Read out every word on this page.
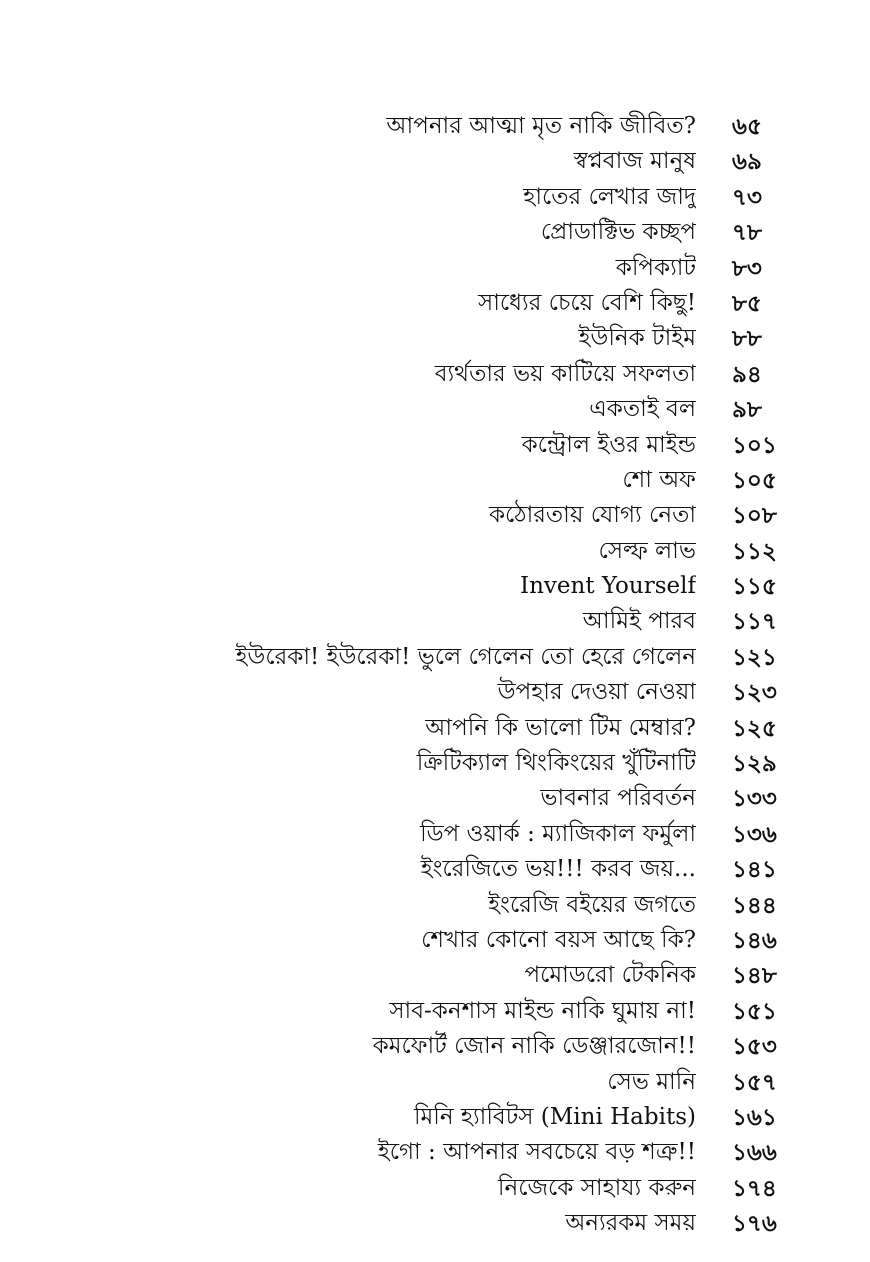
আপনার আত্মা মৃত নাকি জীবিত? ৬৫
স্বপ্নবাজ মানুষ ৬৯
হাতের লেখার জাদু ৭৩
প্রোডাক্টিভ কচ্ছপ ৭৮
কপিক্যাট ৮৩
সাধ্যের চেয়ে বেশি কিছু! ৮৫
ইউনিক টাইম ৮৮
ব্যর্থতার ভয় কাটিয়ে সফলতা ৯৪
একতাই বল ৯৮
কন্ট্রোল ইওর মাইন্ড ১০১
শো অফ ১০৫
কঠোরতায় যোগ্য নেতা ১০৮
সেল্ফ লাভ ১১২
Invent Yourself ১১৫
আমিই পারব ১১৭
ইউরেকা! ইউরেকা! ভুলে গেলেন তো হেরে গেলেন ১২১
উপহার দেওয়া নেওয়া ১২৩
আপনি কি ভালো টিম মেম্বার? ১২৫
ক্রিটিক্যাল থিংকিংয়ের খুঁটিনাটি ১২৯
ভাবনার পরিবর্তন ১৩৩
ডিপ ওয়ার্ক : ম্যাজিকাল ফর্মুলা ১৩৬
ইংরেজিতে ভয়!!! করব জয়... ১৪১
ইংরেজি বইয়ের জগতে ১৪৪
শেখার কোনো বয়স আছে কি? ১৪৬
পমোডরো টেকনিক ১৪৮
সাব-কনশাস মাইন্ড নাকি ঘুমায় না! ১৫১
কমফোর্ট জোন নাকি ডেঞ্জারজোন!! ১৫৩
সেভ মানি ১৫৭
মিনি হ্যাবিটস (Mini Habits) ১৬১
ইগো : আপনার সবচেয়ে বড় শত্রু!! ১৬৬
নিজেকে সাহায্য করুন ১৭৪
অন্যরকম সময় ১৭৬
